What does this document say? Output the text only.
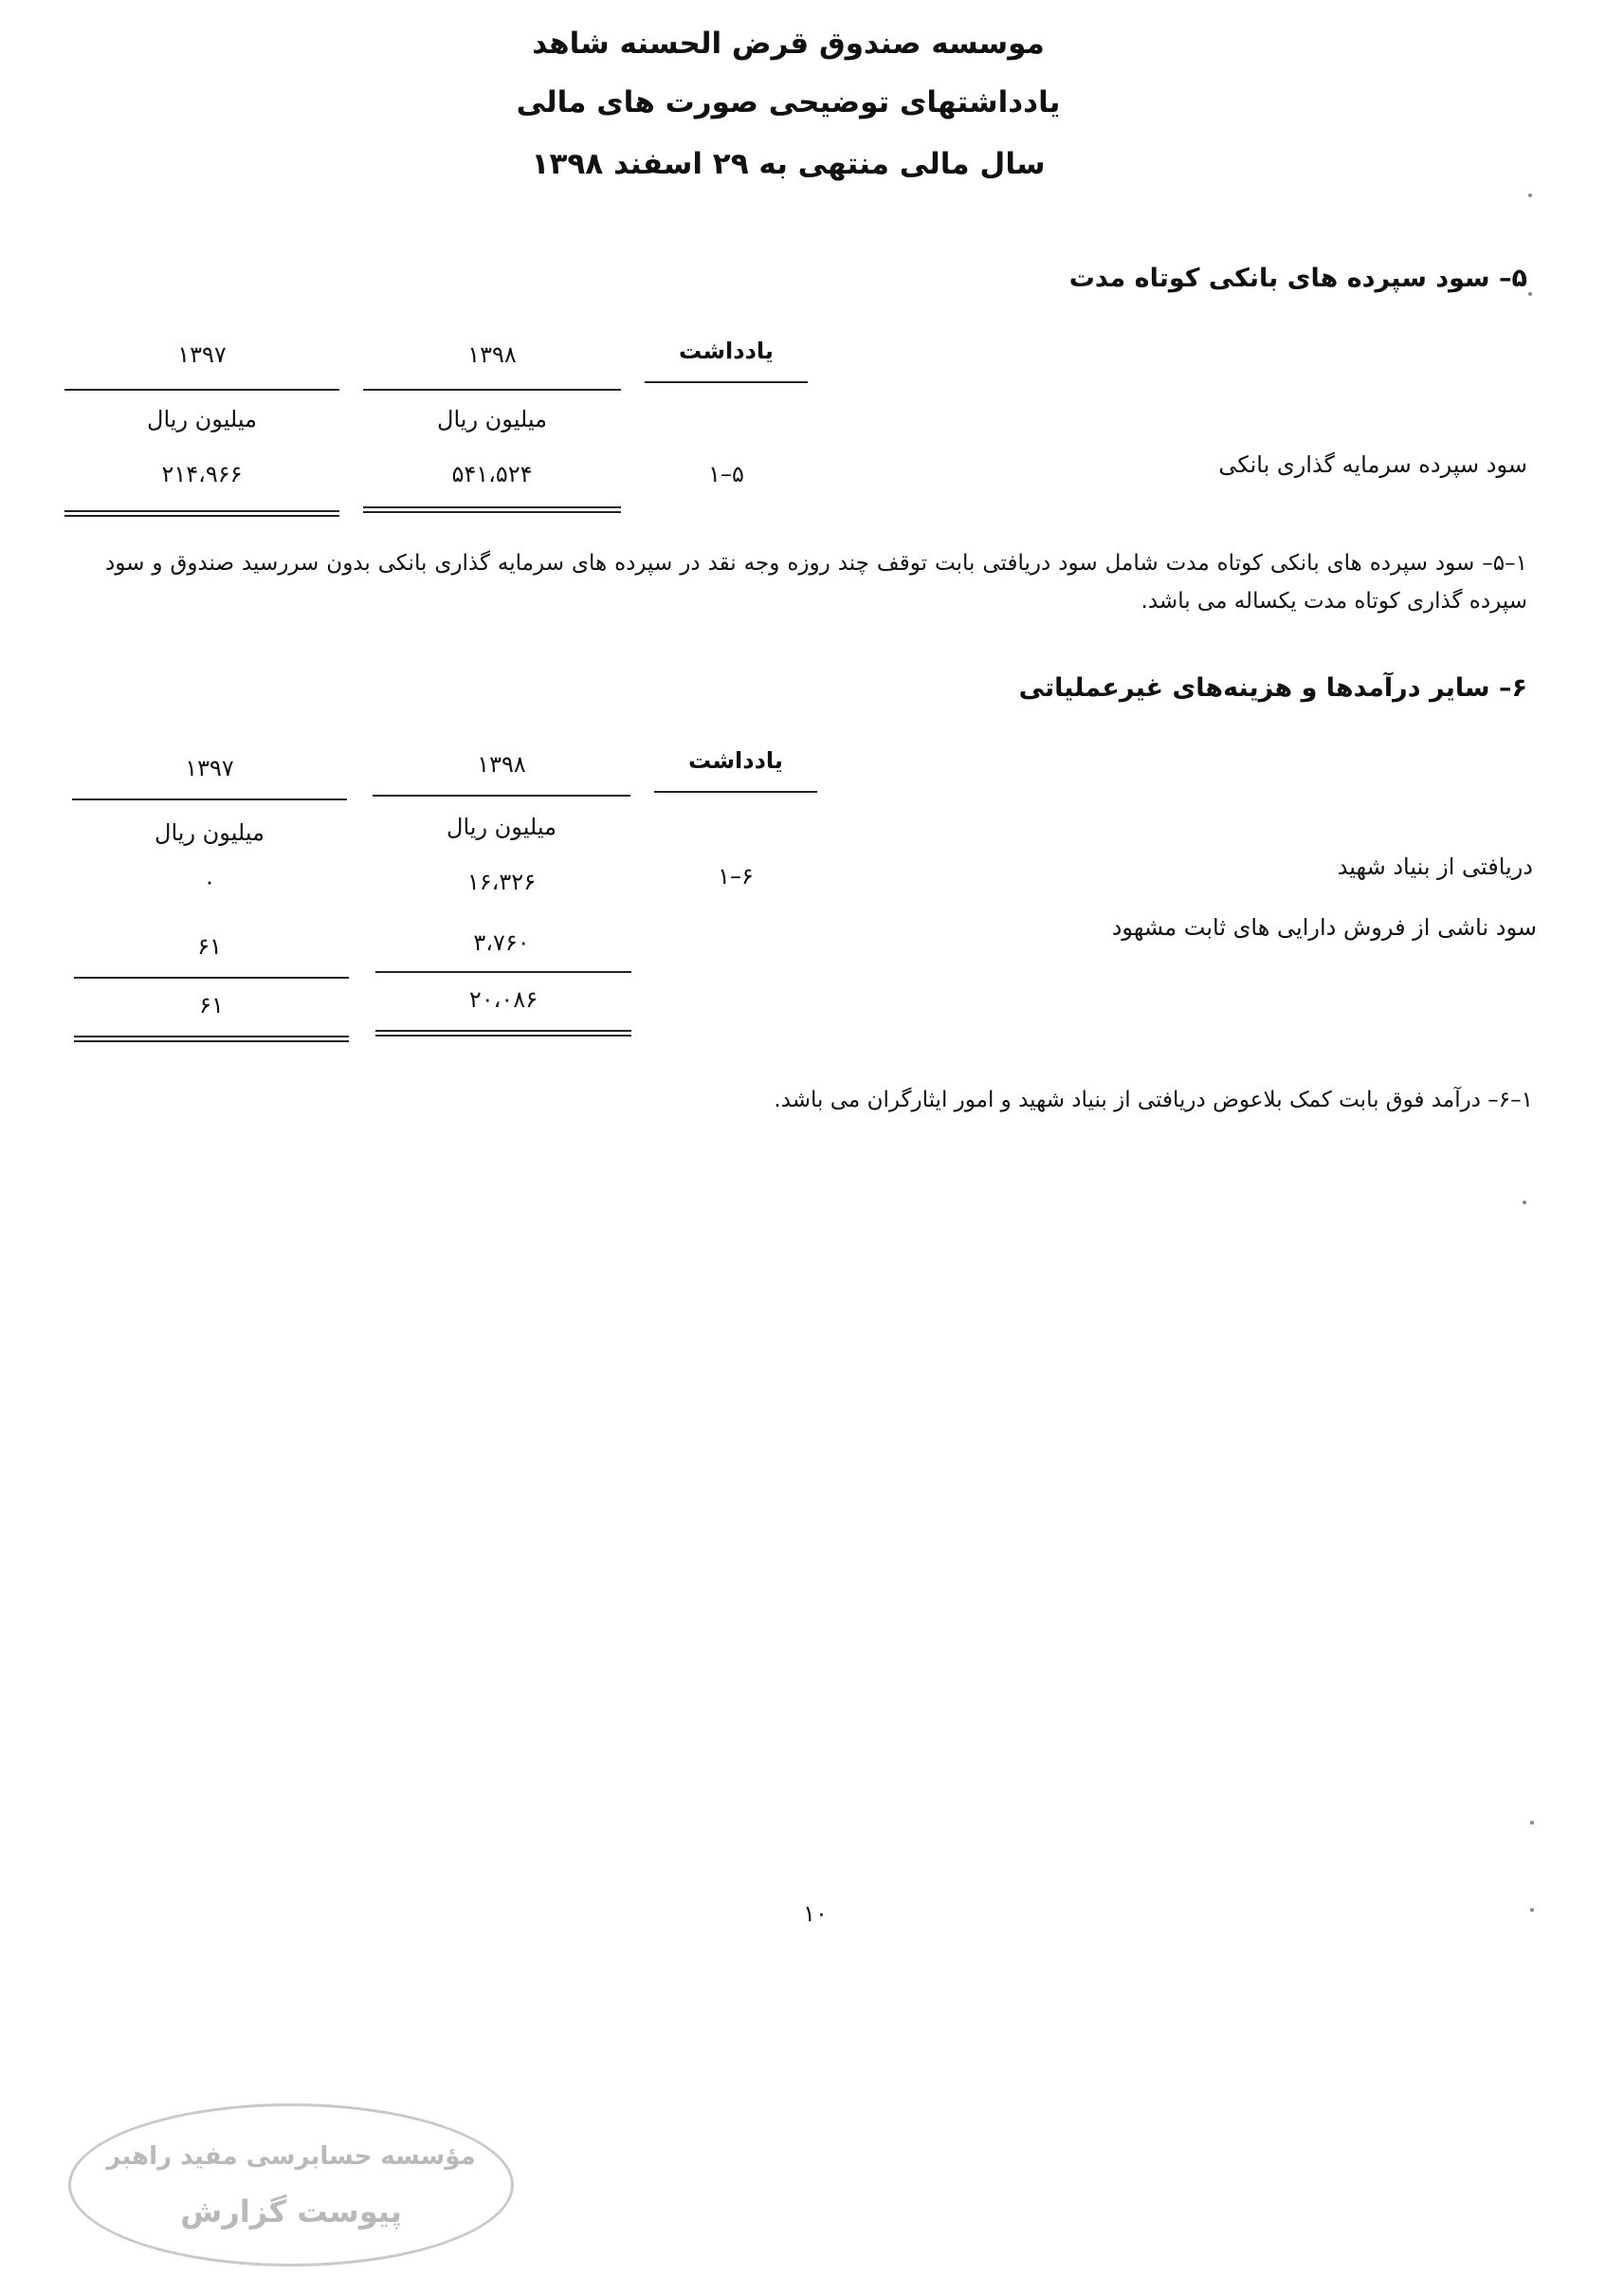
موسسه صندوق قرض الحسنه شاهد
یادداشتهای توضیحی صورت های مالی
سال مالی منتهی به ۲۹ اسفند ۱۳۹۸
۵– سود سپرده های بانکی کوتاه مدت
یادداشت
۱۳۹۸
۱۳۹۷
میلیون ریال
میلیون ریال
سود سپرده سرمایه گذاری بانکی
۵–۱
۵۴۱،۵۲۴
۲۱۴،۹۶۶
۱–۵– سود سپرده های بانکی کوتاه مدت شامل سود دریافتی بابت توقف چند روزه وجه نقد در سپرده های سرمایه گذاری بانکی بدون سررسید صندوق و سود سپرده گذاری کوتاه مدت یکساله می باشد.
۶– سایر درآمدها و هزینه‌های غیرعملیاتی
یادداشت
۱۳۹۸
۱۳۹۷
میلیون ریال
میلیون ریال
دریافتی از بنیاد شهید
۶–۱
۱۶،۳۲۶
۰
سود ناشی از فروش دارایی های ثابت مشهود
۳،۷۶۰
۶۱
۲۰،۰۸۶
۶۱
۱–۶– درآمد فوق بابت کمک بلاعوض دریافتی از بنیاد شهید و امور ایثارگران می باشد.
۱۰
مؤسسه حسابرسی مفید راهبر
پیوست گزارش
